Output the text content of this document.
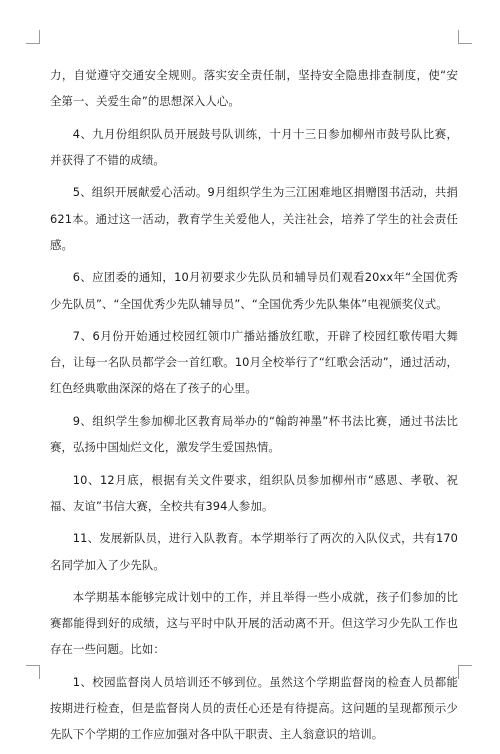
力，自觉遵守交通安全规则。落实安全责任制，坚持安全隐患排查制度，使“安全第一、关爱生命”的思想深入人心。

4、九月份组织队员开展鼓号队训练，十月十三日参加柳州市鼓号队比赛，并获得了不错的成绩。

5、组织开展献爱心活动。9月组织学生为三江困难地区捐赠图书活动，共捐621本。通过这一活动，教育学生关爱他人，关注社会，培养了学生的社会责任感。

6、应团委的通知，10月初要求少先队员和辅导员们观看20xx年“全国优秀少先队员”、“全国优秀少先队辅导员”、“全国优秀少先队集体”电视颁奖仪式。

7、6月份开始通过校园红领巾广播站播放红歌，开辟了校园红歌传唱大舞台，让每一名队员都学会一首红歌。10月全校举行了“红歌会活动”，通过活动，红色经典歌曲深深的烙在了孩子的心里。

9、组织学生参加柳北区教育局举办的“翰韵神墨”杯书法比赛，通过书法比赛，弘扬中国灿烂文化，激发学生爱国热情。

10、12月底，根据有关文件要求，组织队员参加柳州市“感恩、孝敬、祝福、友谊”书信大赛，全校共有394人参加。

11、发展新队员，进行入队教育。本学期举行了两次的入队仪式，共有170名同学加入了少先队。

本学期基本能够完成计划中的工作，并且举得一些小成就，孩子们参加的比赛都能得到好的成绩，这与平时中队开展的活动离不开。但这学习少先队工作也存在一些问题。比如：

1、校园监督岗人员培训还不够到位。虽然这个学期监督岗的检查人员都能按期进行检查，但是监督岗人员的责任心还是有待提高。这问题的呈现都预示少先队下个学期的工作应加强对各中队干职责、主人翁意识的培训。
